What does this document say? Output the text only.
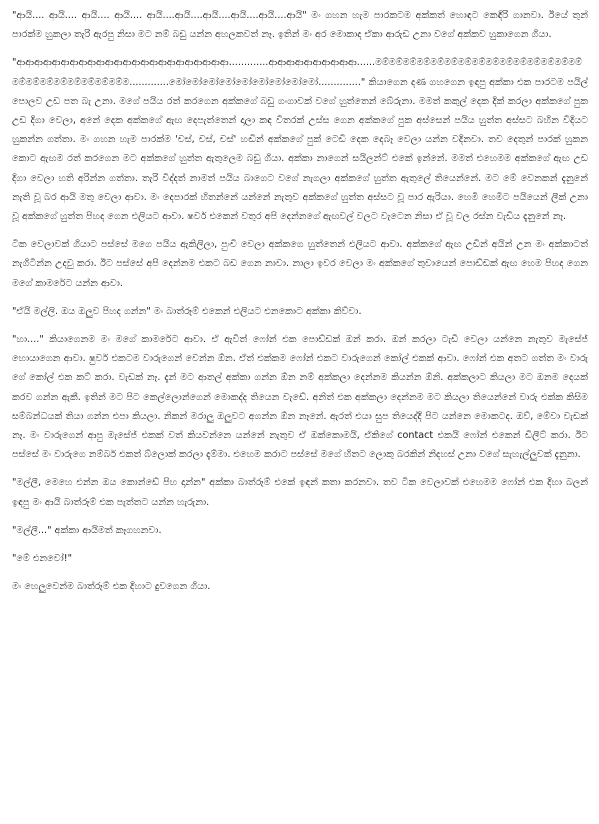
"ආයි.... ආයි.... ආයි.... ආයි.... ආයි....ආයි....ආයි....ආයි....ආයි....ආයි" මං ගහන හැම පාරකටම අක්කත් හොඳට කෙඳිරි ගානවා. ඊයේ තුන් පාරක්ම හුකලා තැරි ඇරපු නිසා මට නම් බඩු යන්න අහලකවත් නෑ. ඉතින් මං අර මොකාද ඒකා ආරුඩ උනා වගේ අක්කව හුකාගෙන ගියා.

"ආආආආආආආආආආආආආආආආආආආආආආආආ.............ආආආආආආආආආආ......මම්මම්මම්මම්මම්මම්මම්මම්මම්මම්මම්මම්මම්මම්මම්මම්මම්මම්මම්මම්මම්මම්මම්ම.............මෝමෝමෝමෝමෝමෝමෝමෝමෝ.............." කියාගෙන දණ ගහගෙන ඉඳපු අක්කා එක පාරටම පයිල් පොලව උඩ පත බැ උනා. මගේ පයිය රත් කරගෙන අක්කගේ බඩු ගංගාවක් වගේ හුත්තෙන් බේරුනා. මමත් කකුල් දෙක දික් කරලා අක්කගේ පුක උඩ දිගා වෙලා, අනේ දෙක අක්කගේ ඇඟ දෙපැත්තෙන් දාලා කඳ විතරක් උස්ස ගෙන අක්කගේ පුක අස්සෙන් පයිය හුත්ත අස්සට බහින විදියට හුකන්න ගත්තා. මං ගහන හැම පාරක්ම 'චස්, චස්, චස්' හඬින් අක්කගේ පුක් ටෙඩි දෙක දෙබෑ වෙලා යන්න වදිනවා. තව දෙතුන් පාරක් හුකන කොට ඇඟම රත් කරගෙන මට අක්කගේ හුත්ත ඇතුලෙම බඩු ගියා. අක්කා නාගෙන් සයිලන්ට් එකේ ඉන්නේ. මමත් එහෙමම අක්කගේ ඇඟ උඩ දිගා වෙලා හති අරින්න ගත්තා. තැරි විද්දත් නාමත් පයිය බාගෙට වගේ නැගලා අක්කගේ හුත්ත ඇතුලේ තියෙන්නේ. මට මේ වෙනකන් දැනුනේ නැති වූ බර ආයි මතු වෙලා ආවා. මං දෙපාරක් හිතන්නේ යන්නේ නැතුව අක්කගේ හුත්ත අස්සට වූ පාර ඇරියා. හෙමි හෙමිට පයියෙන් ලීක් උනා වූ අක්කගේ හුත්ත පිහද ගෙන එලියට ආවා. ෂවර් එකෙන් වතුර අපි දෙන්නගේ ඇඟවල් වලට වැටෙන නිසා ඒ වූ වල රස්න වැඩිය දැනුනේ නෑ.

ටික වෙලාවක් ගියාට පස්සේ මගෙ පයිය ඇකිලිලා, පුංචි වෙලා අක්කගෙ හුත්තෙන් එලියට ආවා. අක්කගේ ඇඟ උඩින් අයින් උන මං අක්කාටත් නැගිටින්න උදවු කරා. ඊට පස්සේ අපි දෙන්නම එකට බඩ ගෙන නාවා. නාලා ඉවර වෙලා මං අක්කගේ තුවායෙන් පොඩ්ඩක් ඇඟ හෙම පිහද ගෙන මගේ කාමරේට යන්න ආවා.

"ඒයි මල්ලි. ඔය ඔලුව පිහද ගන්න" මං බාත්රූම් එකෙන් එලියට එනකොට අක්කා කිව්වා.

"හා...." කියාගෙනම මං මගේ කාමරේට ආවා. ඒ ඇවිත් ෆෝන් එක පොඩ්ඩක් ඔන් කරා. ඔන් කරලා ටැඩී වෙලා යන්නෙ නැතුව මැසේජ් හොයාගෙන ආවා. ෂුවර් එකටම වාරුගෙන් වෙන්න ඕන. ඒත් එක්කම ෆෝන් එකට වාරුගෙන් කෝල් එකක් ආවා. ෆෝන් එක අතට ගත්ත මං වාරු ගේ කෝල් එක කට් කරා. වැඩක් නෑ. දැන් මට ආතල් අක්කා ගන්න ඕන නම් අක්කලා දෙන්නම කියන්න ඕනි. අක්කලාට කියලා මට ඔනම දෙයක් කරව ගන්න ඇකී. ඉතින් මට පිට කෙල්ලොන්ගෙන් මොකද්ද තියෙන වැඩේ. අනිත් එක අක්කලා දෙන්නම මට කියලා තියෙන්නේ වාරු එක්ක කිසිම සම්බන්ධයක් තියා ගන්න එපා කියලා. නිකන් මරාලු ඔලුවට අගන්න ඕන නෑනේ. ඇරත් එයා සුප තියෙද්දි පිට යන්නෙ මොකටද. ඔව්, මේවා වැඩක් නෑ. මං වාරුගෙන් ආපු මැසේජ් එකක් වත් කියවන්නෙ යන්නේ නැතුව ඒ ඔක්කොමයි, ඒකිගේ contact එකයි ෆෝන් එකෙන් ඩිලීට් කරා. ඊට පස්සේ මං වාරුගෙ නම්බර් එකත් බ්ලොක් කරලා දැම්මා. එහෙම කරාට පස්සේ මගේ හිතට ලොකු බරකින් නිදහස් උනා වගේ සැහැල්ලුවක් දැනුනා.

"මල්ලී, මෙහෙ එන්න ඔය කොන්ඩේ පිහ දාන්න" අක්කා බාත්රූම් එකේ ඉඳන් කතා කරනවා. තව ටික වෙලාවක් එහෙමම ෆෝන් එක දිහා බලන් ඉඳපු මං ආයි බාත්රූම් එක පැත්තට යන්න හැරුනා.

"මල්ලී..." අක්කා ආයිමත් කෑගහනවා.

"මේ එනවෝ!"

මං හෙලුවෙන්ම බාත්රූම් එක දිහාට දුවගෙන ගියා.
